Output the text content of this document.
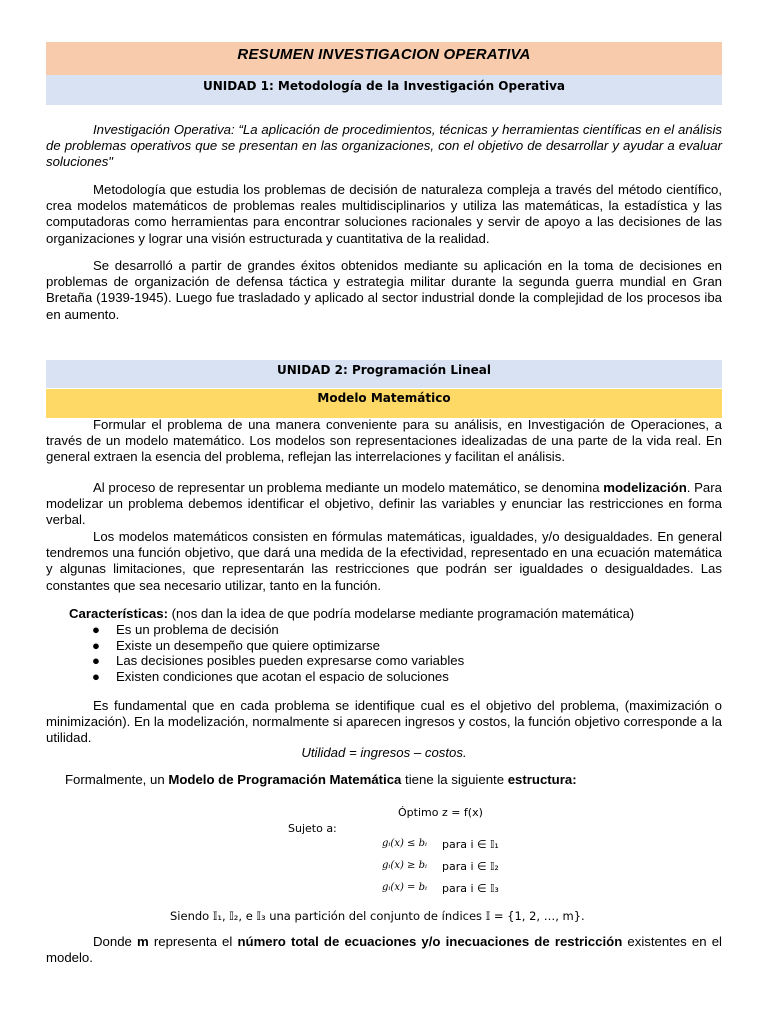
RESUMEN INVESTIGACION OPERATIVA
UNIDAD 1: Metodología de la Investigación Operativa

Investigación Operativa: “La aplicación de procedimientos, técnicas y herramientas científicas en el análisis de problemas operativos que se presentan en las organizaciones, con el objetivo de desarrollar y ayudar a evaluar soluciones"

Metodología que estudia los problemas de decisión de naturaleza compleja a través del método científico, crea modelos matemáticos de problemas reales multidisciplinarios y utiliza las matemáticas, la estadística y las computadoras como herramientas para encontrar soluciones racionales y servir de apoyo a las decisiones de las organizaciones y lograr una visión estructurada y cuantitativa de la realidad.

Se desarrolló a partir de grandes éxitos obtenidos mediante su aplicación en la toma de decisiones en problemas de organización de defensa táctica y estrategia militar durante la segunda guerra mundial en Gran Bretaña (1939-1945). Luego fue trasladado y aplicado al sector industrial donde la complejidad de los procesos iba en aumento.

UNIDAD 2: Programación Lineal
Modelo Matemático

Formular el problema de una manera conveniente para su análisis, en Investigación de Operaciones, a través de un modelo matemático. Los modelos son representaciones idealizadas de una parte de la vida real. En general extraen la esencia del problema, reflejan las interrelaciones y facilitan el análisis.

Al proceso de representar un problema mediante un modelo matemático, se denomina modelización. Para modelizar un problema debemos identificar el objetivo, definir las variables y enunciar las restricciones en forma verbal.

Los modelos matemáticos consisten en fórmulas matemáticas, igualdades, y/o desigualdades. En general tendremos una función objetivo, que dará una medida de la efectividad, representado en una ecuación matemática y algunas limitaciones, que representarán las restricciones que podrán ser igualdades o desigualdades. Las constantes que sea necesario utilizar, tanto en la función.

Características: (nos dan la idea de que podría modelarse mediante programación matemática)

● Es un problema de decisión
● Existe un desempeño que quiere optimizarse
● Las decisiones posibles pueden expresarse como variables
● Existen condiciones que acotan el espacio de soluciones

Es fundamental que en cada problema se identifique cual es el objetivo del problema, (maximización o minimización). En la modelización, normalmente si aparecen ingresos y costos, la función objetivo corresponde a la utilidad.

Utilidad = ingresos – costos.

Formalmente, un Modelo de Programación Matemática tiene la siguiente estructura:

Óptimo z = f(x)
Sujeto a:
gᵢ(x) ≤ bᵢ para i ∈ 𝕀₁
gᵢ(x) ≥ bᵢ para i ∈ 𝕀₂
gᵢ(x) = bᵢ para i ∈ 𝕀₃
Siendo 𝕀₁, 𝕀₂, e 𝕀₃ una partición del conjunto de índices 𝕀 = {1, 2, …, m}.

Donde m representa el número total de ecuaciones y/o inecuaciones de restricción existentes en el modelo.
